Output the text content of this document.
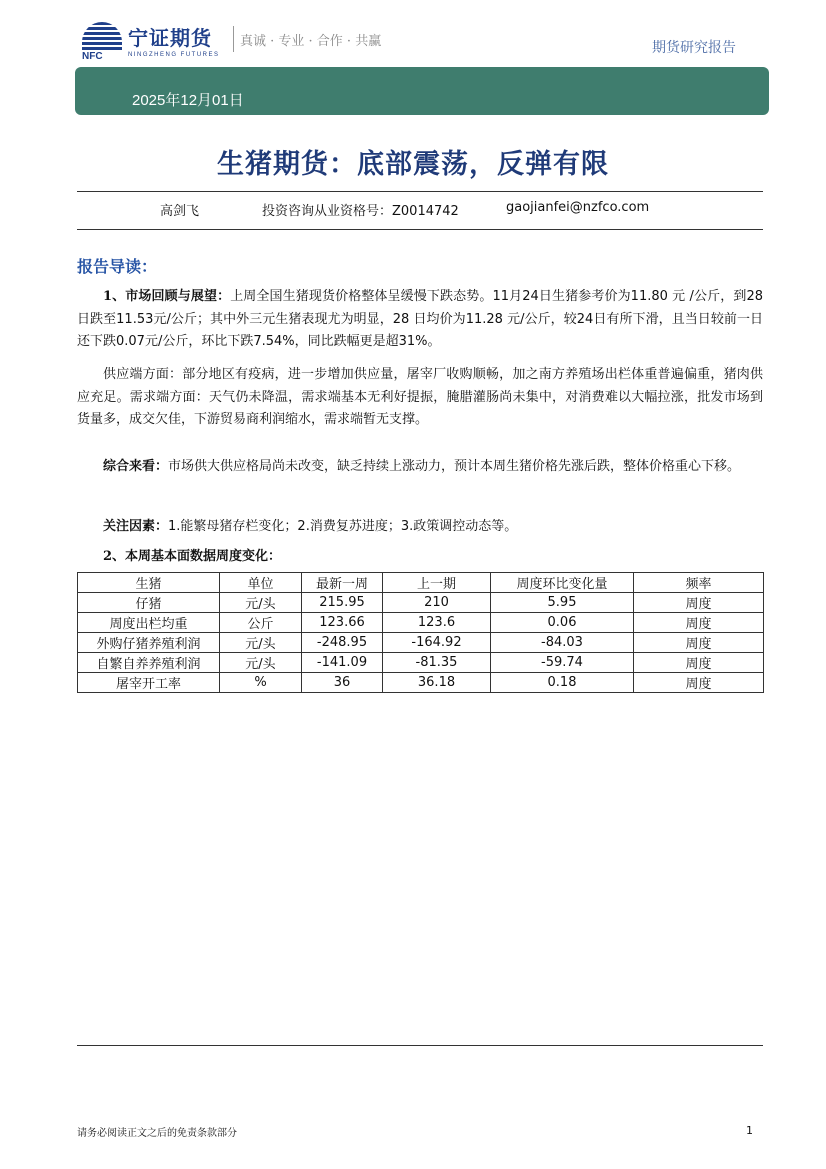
NFC
宁证期货
NINGZHENG FUTURES
真诚 · 专业 · 合作 · 共赢	期货研究报告
2025年12月01日
生猪期货：底部震荡，反弹有限
高剑飞	投资咨询从业资格号：Z0014742	gaojianfei@nzfco.com
报告导读：
1、市场回顾与展望：上周全国生猪现货价格整体呈缓慢下跌态势。11月24日生猪参考价为11.80 元 /公斤，到28日跌至11.53元/公斤；其中外三元生猪表现尤为明显，28 日均价为11.28 元/公斤，较24日有所下滑，且当日较前一日还下跌0.07元/公斤，环比下跌7.54%，同比跌幅更是超31%。
供应端方面：部分地区有疫病，进一步增加供应量，屠宰厂收购顺畅，加之南方养殖场出栏体重普遍偏重，猪肉供应充足。需求端方面：天气仍未降温，需求端基本无利好提振，腌腊灌肠尚未集中，对消费难以大幅拉涨，批发市场到货量多，成交欠佳，下游贸易商利润缩水，需求端暂无支撑。
综合来看：市场供大供应格局尚未改变，缺乏持续上涨动力，预计本周生猪价格先涨后跌，整体价格重心下移。
关注因素：1.能繁母猪存栏变化；2.消费复苏进度；3.政策调控动态等。
2、本周基本面数据周度变化：
生猪	单位	最新一周	上一期	周度环比变化量	频率
仔猪	元/头	215.95	210	5.95	周度
周度出栏均重	公斤	123.66	123.6	0.06	周度
外购仔猪养殖利润	元/头	-248.95	-164.92	-84.03	周度
自繁自养养殖利润	元/头	-141.09	-81.35	-59.74	周度
屠宰开工率	%	36	36.18	0.18	周度
请务必阅读正文之后的免责条款部分	1
